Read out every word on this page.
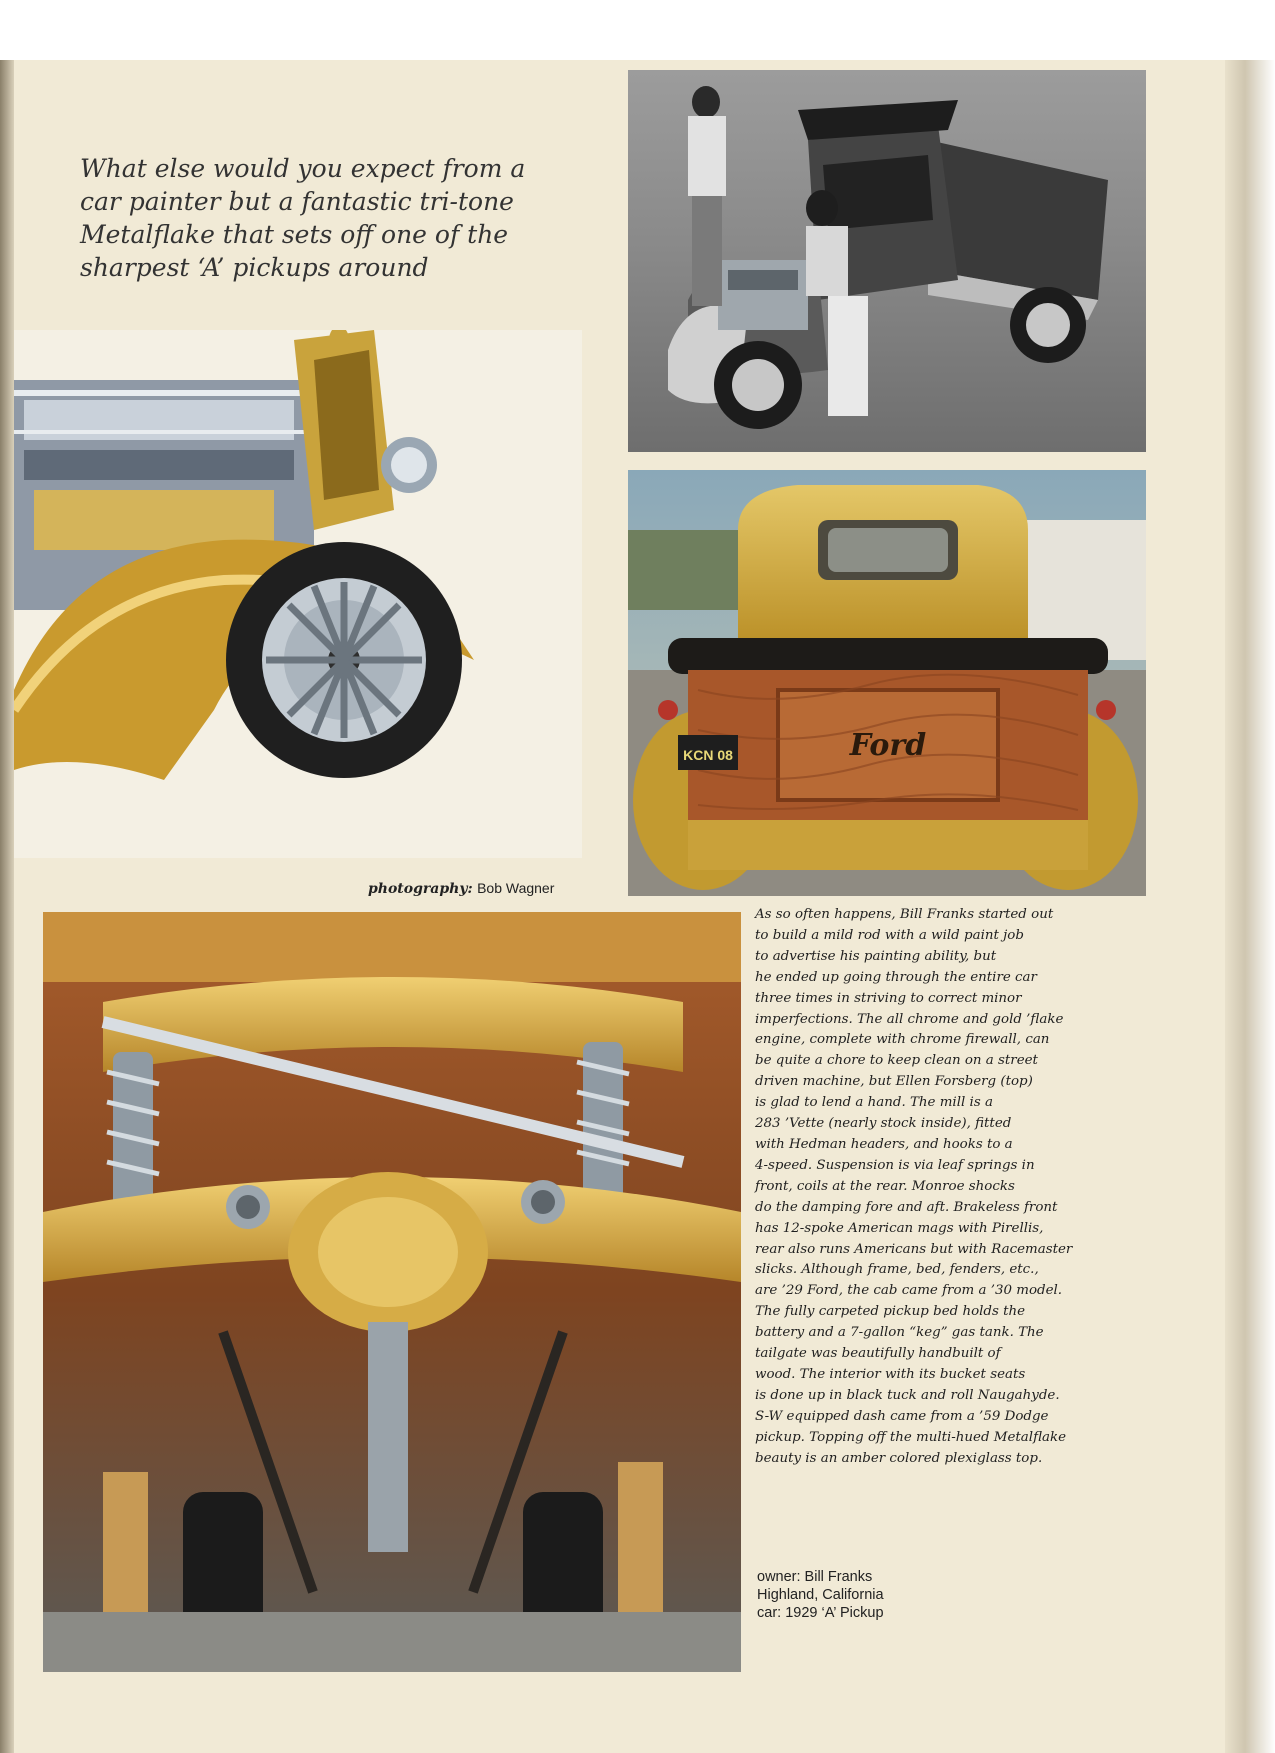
What else would you expect from a
car painter but a fantastic tri-tone
Metalflake that sets off one of the
sharpest ‘A’ pickups around
Ford
KCN 08
photography: Bob Wagner
As so often happens, Bill Franks started out
to build a mild rod with a wild paint job
to advertise his painting ability, but
he ended up going through the entire car
three times in striving to correct minor
imperfections. The all chrome and gold ’flake
engine, complete with chrome firewall, can
be quite a chore to keep clean on a street
driven machine, but Ellen Forsberg (top)
is glad to lend a hand. The mill is a
283 ’Vette (nearly stock inside), fitted
with Hedman headers, and hooks to a
4-speed. Suspension is via leaf springs in
front, coils at the rear. Monroe shocks
do the damping fore and aft. Brakeless front
has 12-spoke American mags with Pirellis,
rear also runs Americans but with Racemaster
slicks. Although frame, bed, fenders, etc.,
are ’29 Ford, the cab came from a ’30 model.
The fully carpeted pickup bed holds the
battery and a 7-gallon “keg” gas tank. The
tailgate was beautifully handbuilt of
wood. The interior with its bucket seats
is done up in black tuck and roll Naugahyde.
S-W equipped dash came from a ’59 Dodge
pickup. Topping off the multi-hued Metalflake
beauty is an amber colored plexiglass top.
owner: Bill Franks
Highland, California
car: 1929 ‘A’ Pickup
